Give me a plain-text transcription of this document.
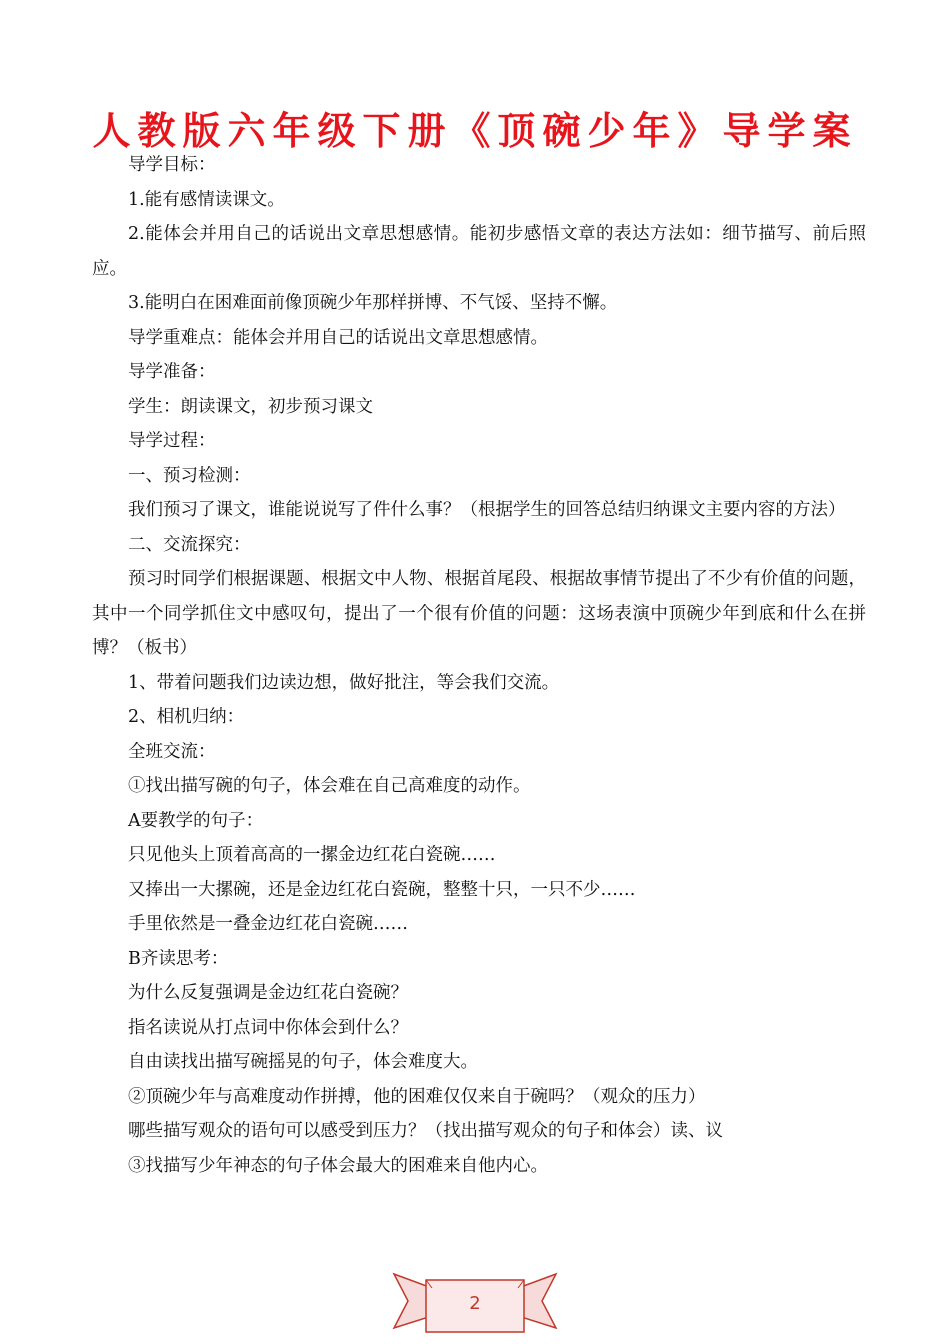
人教版六年级下册《顶碗少年》导学案

导学目标：

1.能有感情读课文。

2.能体会并用自己的话说出文章思想感情。能初步感悟文章的表达方法如：细节描写、前后照应。

3.能明白在困难面前像顶碗少年那样拼博、不气馁、坚持不懈。

导学重难点：能体会并用自己的话说出文章思想感情。

导学准备：

学生：朗读课文，初步预习课文

导学过程：

一、预习检测：

我们预习了课文，谁能说说写了件什么事？（根据学生的回答总结归纳课文主要内容的方法）

二、交流探究：

预习时同学们根据课题、根据文中人物、根据首尾段、根据故事情节提出了不少有价值的问题，其中一个同学抓住文中感叹句，提出了一个很有价值的问题：这场表演中顶碗少年到底和什么在拼博？（板书）

1、带着问题我们边读边想，做好批注，等会我们交流。

2、相机归纳：

全班交流：

①找出描写碗的句子，体会难在自己高难度的动作。

A要教学的句子：

只见他头上顶着高高的一摞金边红花白瓷碗……

又捧出一大摞碗，还是金边红花白瓷碗，整整十只，一只不少……

手里依然是一叠金边红花白瓷碗……

B齐读思考：

为什么反复强调是金边红花白瓷碗？

指名读说从打点词中你体会到什么？

自由读找出描写碗摇晃的句子，体会难度大。

②顶碗少年与高难度动作拼搏，他的困难仅仅来自于碗吗？（观众的压力）

哪些描写观众的语句可以感受到压力？（找出描写观众的句子和体会）读、议

③找描写少年神态的句子体会最大的困难来自他内心。

2
